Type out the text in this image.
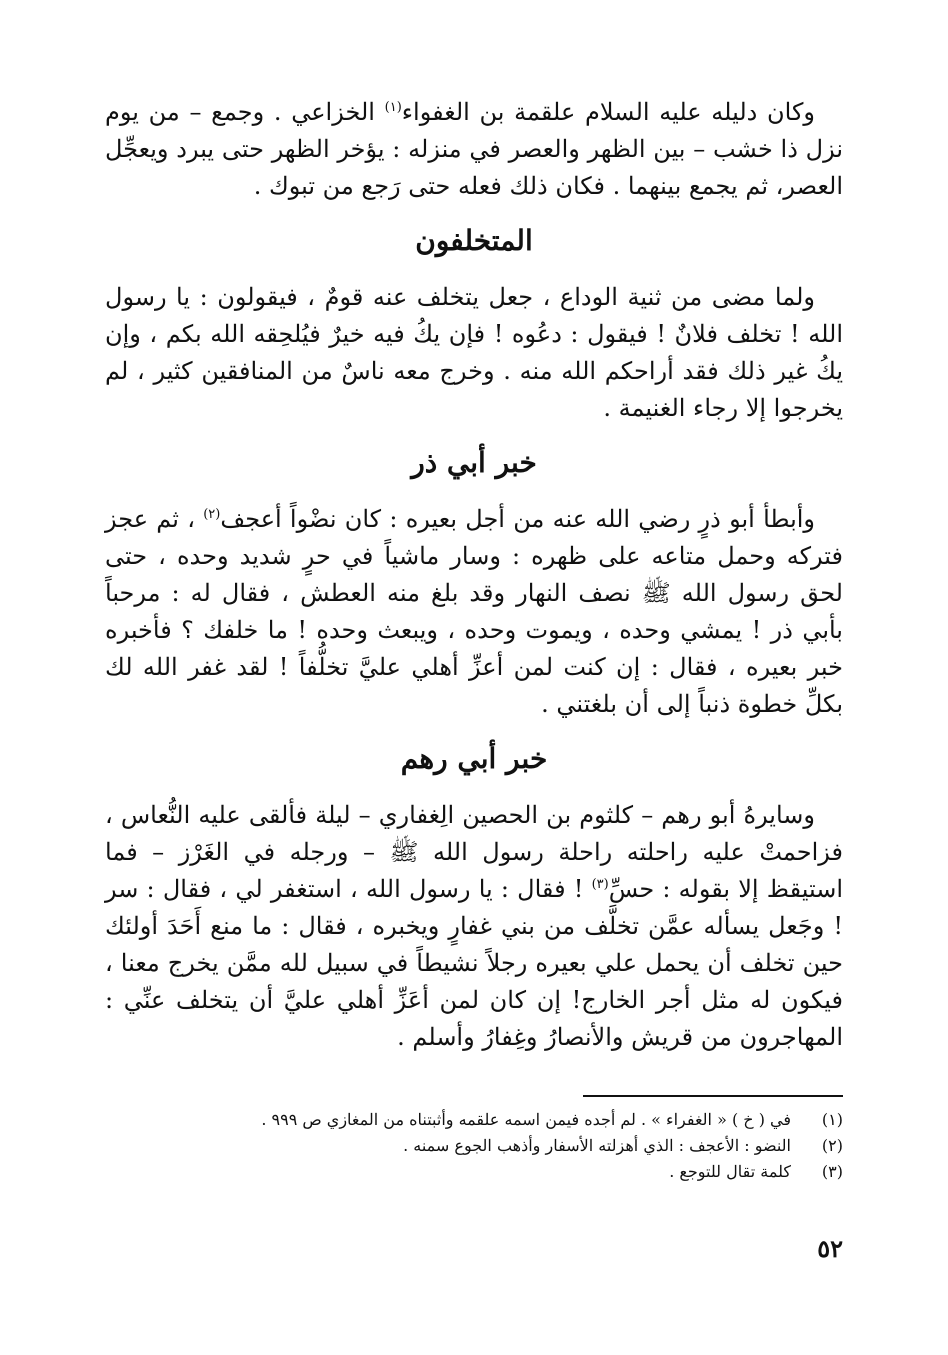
وكان دليله عليه السلام علقمة بن الغفواء$^{(١)}$ الخزاعي . وجمع – من يوم نزل ذا خشب – بين الظهر والعصر في منزله : يؤخر الظهر حتى يبرد ويعجِّل العصر، ثم يجمع بينهما . فكان ذلك فعله حتى رَجع من تبوك .

المتخلفون

ولما مضى من ثنية الوداع ، جعل يتخلف عنه قومٌ ، فيقولون : يا رسول الله ! تخلف فلانٌ ! فيقول : دعُوه ! فإن يكُ فيه خيرٌ فيُلحِقه الله بكم ، وإن يكُ غير ذلك فقد أراحكم الله منه . وخرج معه ناسٌ من المنافقين كثير ، لم يخرجوا إلا رجاء الغنيمة .

خبر أبي ذر

وأبطأ أبو ذرٍ رضي الله عنه من أجل بعيره : كان نضْواً أعجف$^{(٢)}$ ، ثم عجز فتركه وحمل متاعه على ظهره : وسار ماشياً في حرٍ شديد وحده ، حتى لحق رسول الله ﷺ نصف النهار وقد بلغ منه العطش ، فقال له : مرحباً بأبي ذر ! يمشي وحده ، ويموت وحده ، ويبعث وحده ! ما خلفك ؟ فأخبره خبر بعيره ، فقال : إن كنت لمن أعزِّ أهلي عليَّ تخلُّفاً ! لقد غفر الله لك بكلِّ خطوة ذنباً إلى أن بلغتني .

خبر أبي رهم

وسايرهُ أبو رهم – كلثوم بن الحصين الِغفاري – ليلة فألقى عليه النُّعاس ، فزاحمتْ عليه راحلته راحلة رسول الله ﷺ – ورجله في الغَرْز – فما استيقظ إلا بقوله : حسِّ$^{(٣)}$ ! فقال : يا رسول الله ، استغفر لي ، فقال : سر ! وجَعل يسأله عمَّن تخلَّف من بني غفارٍ ويخبره ، فقال : ما منع أَحَدَ أولئك حين تخلف أن يحمل علي بعيره رجلاً نشيطاً في سبيل لله ممَّن يخرج معنا ، فيكون له مثل أجر الخارج! إن كان لمن أعَزِّ أهلي عليَّ أن يتخلف عنِّي : المهاجرون من قريش والأنصارُ وغِفارُ وأسلم .

(١)
في ( خ ) « الغفراء » . لم أجده فيمن اسمه علقمه وأثبتناه من المغازي ص ٩٩٩ .

(٢)
النضو : الأعجف : الذي أهزلته الأسفار وأذهب الجوع سمنه .

(٣)
كلمة تقال للتوجع .

٥٢
